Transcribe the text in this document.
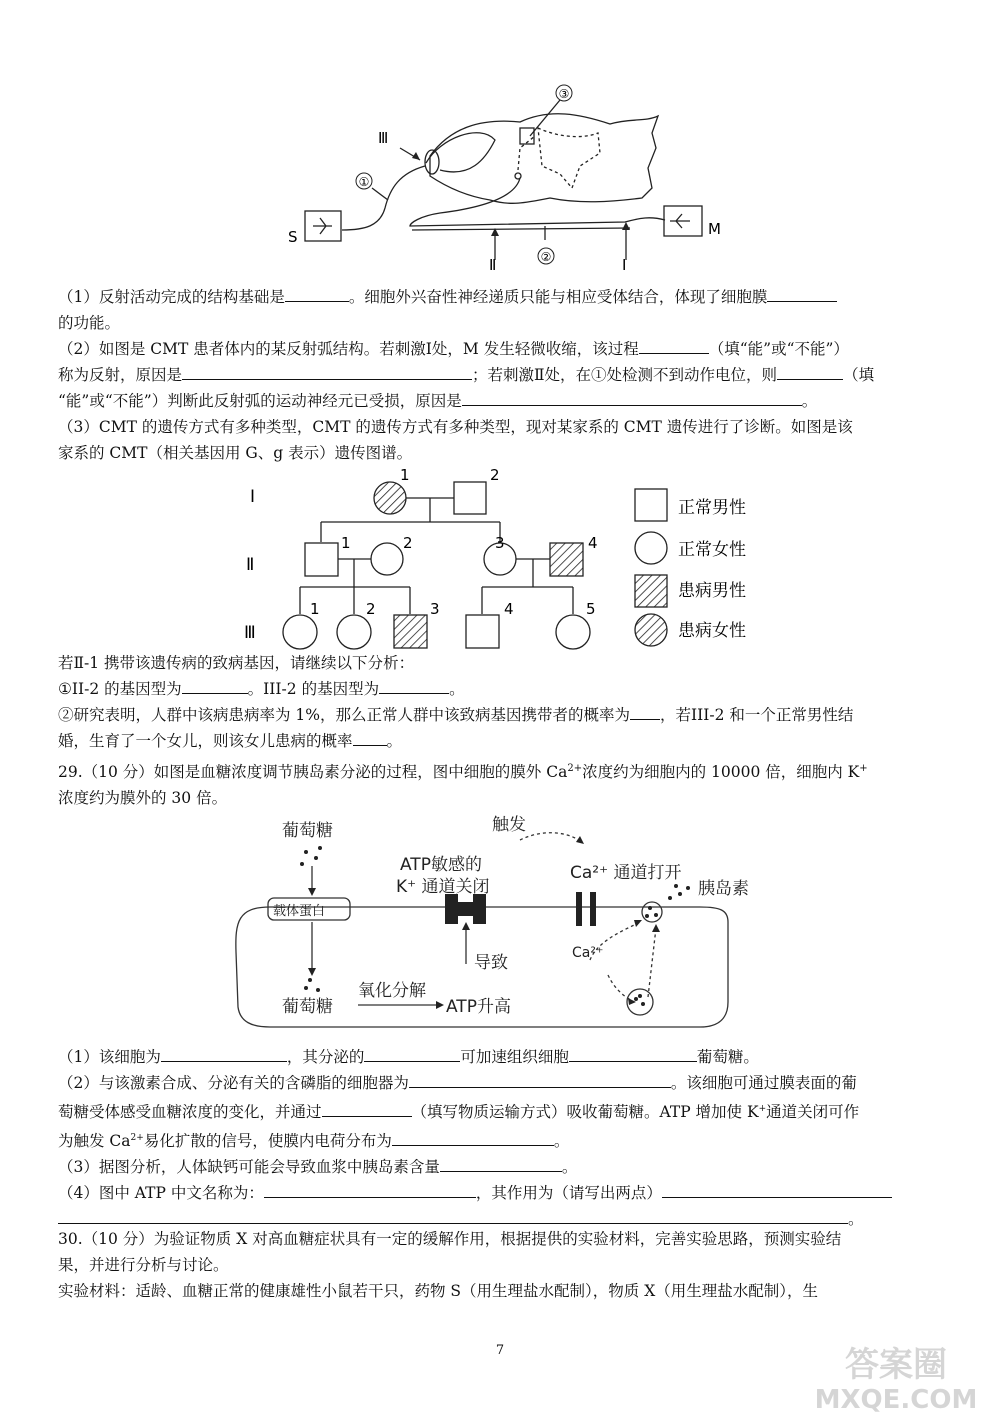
③
①
②
Ⅲ
Ⅱ	Ⅰ
S	M
（1）反射活动完成的结构基础是	。细胞外兴奋性神经递质只能与相应受体结合，体现了细胞膜
的功能。
（2）如图是 CMT 患者体内的某反射弧结构。若刺激Ⅰ处，M 发生轻微收缩，该过程	（填“能”或“不能”）
称为反射，原因是	；若刺激Ⅱ处，在①处检测不到动作电位，则	（填
“能”或“不能”）判断此反射弧的运动神经元已受损，原因是	。
（3）CMT 的遗传方式有多种类型，CMT 的遗传方式有多种类型，现对某家系的 CMT 遗传进行了诊断。如图是该
家系的 CMT（相关基因用 G、g 表示）遗传图谱。
Ⅰ
Ⅱ
Ⅲ
1	2
1	2	3	4
1	2	3	4	5
正常男性
正常女性
患病男性
患病女性
若Ⅱ-1 携带该遗传病的致病基因，请继续以下分析：
①II-2 的基因型为	。III-2 的基因型为	。
②研究表明，人群中该病患病率为 1%，那么正常人群中该致病基因携带者的概率为 ，若III-2 和一个正常男性结
婚，生育了一个女儿，则该女儿患病的概率 。
29.（10 分）如图是血糖浓度调节胰岛素分泌的过程，图中细胞的膜外 $Ca^{2+}$浓度约为细胞内的 10000 倍，细胞内 K+
浓度约为膜外的 30 倍。
葡萄糖
载体蛋白
触发
ATP敏感的
K⁺ 通道关闭
Ca²⁺ 通道打开
胰岛素
导致	Ca²⁺
葡萄糖
氧化分解
ATP升高
（1）该细胞为	，其分泌的	可加速组织细胞	葡萄糖。
（2）与该激素合成、分泌有关的含磷脂的细胞器为	。该细胞可通过膜表面的葡
萄糖受体感受血糖浓度的变化，并通过	（填写物质运输方式）吸收葡萄糖。ATP 增加使 K+通道关闭可作
为触发 $Ca^{2+}$易化扩散的信号，使膜内电荷分布为	。
（3）据图分析，人体缺钙可能会导致血浆中胰岛素含量	。
（4）图中 ATP 中文名称为：	，其作用为（请写出两点）
。
30.（10 分）为验证物质 X 对高血糖症状具有一定的缓解作用，根据提供的实验材料，完善实验思路，预测实验结
果，并进行分析与讨论。
实验材料：适龄、血糖正常的健康雄性小鼠若干只，药物 S（用生理盐水配制），物质 X（用生理盐水配制），生
7	答案圈
MXQE.COM
